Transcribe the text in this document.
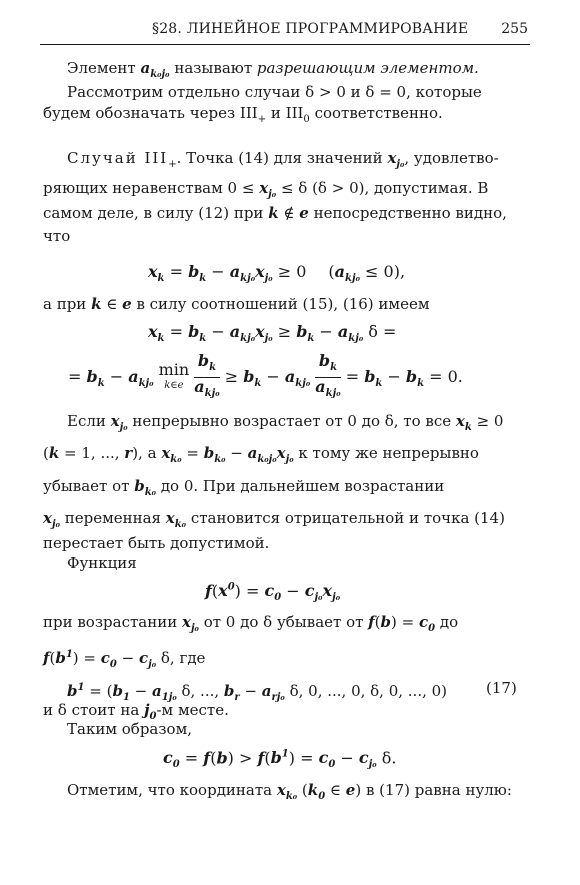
§28. ЛИНЕЙНОЕ ПРОГРАММИРОВАНИЕ 255
Элемент $a_{k_0j_0}$ называют разрешающим элементом.
Рассмотрим отдельно случаи δ > 0 и δ = 0, которые
будем обозначать через $III_+$ и $III_0$ соответственно.
Случай $III_+$. Точка (14) для значений $x_{j_0}$, удовлетво-
ряющих неравенствам $0 \le x_{j_0} \le \delta$ (δ > 0), допустимая. В
самом деле, в силу (12) при k ∉ e непосредственно видно,
что
$x_k = b_k - a_{kj_0}x_{j_0} \ge 0$ $(a_{kj_0} \le 0)$,
а при k ∈ e в силу соотношений (15), (16) имеем
$x_k = b_k - a_{kj_0}x_{j_0} \ge b_k - a_{kj_0}$ δ =
= $b_k - a_{kj_0}$ min
k∈e
$\frac{b_k}{a_{kj_0}} \ge b_k - a_{kj_0} \frac{b_k}{a_{kj_0}} = b_k - b_k = 0$.
Если $x_{j_0}$ непрерывно возрастает от 0 до δ, то все $x_k \ge 0$
(k = 1, ..., r), а $x_{k_0} = b_{k_0} - a_{k_0j_0}x_{j_0}$ к тому же непрерывно
убывает от $b_{k_0}$ до 0. При дальнейшем возрастании
$x_{j_0}$ переменная $x_{k_0}$ становится отрицательной и точка (14)
перестает быть допустимой.
Функция
$f(x^0) = c_0 - c_{j_0}x_{j_0}$
при возрастании $x_{j_0}$ от 0 до δ убывает от $f(b) = c_0$ до
$f(b^1) = c_0 - c_{j_0}$ δ, где
$b^1 = (b_1 - a_{1j_0}$ δ, ..., $b_r - a_{rj_0}$ δ, 0, ..., 0, δ, 0, ..., 0)	(17)
и δ стоит на $j_0-м$ месте.
Таким образом,
$c_0 = f(b) > f(b^1) = c_0 - c_{j_0}$ δ.
Отметим, что координата $x_{k_0}$ ($k_0$ ∈ e) в (17) равна нулю:
